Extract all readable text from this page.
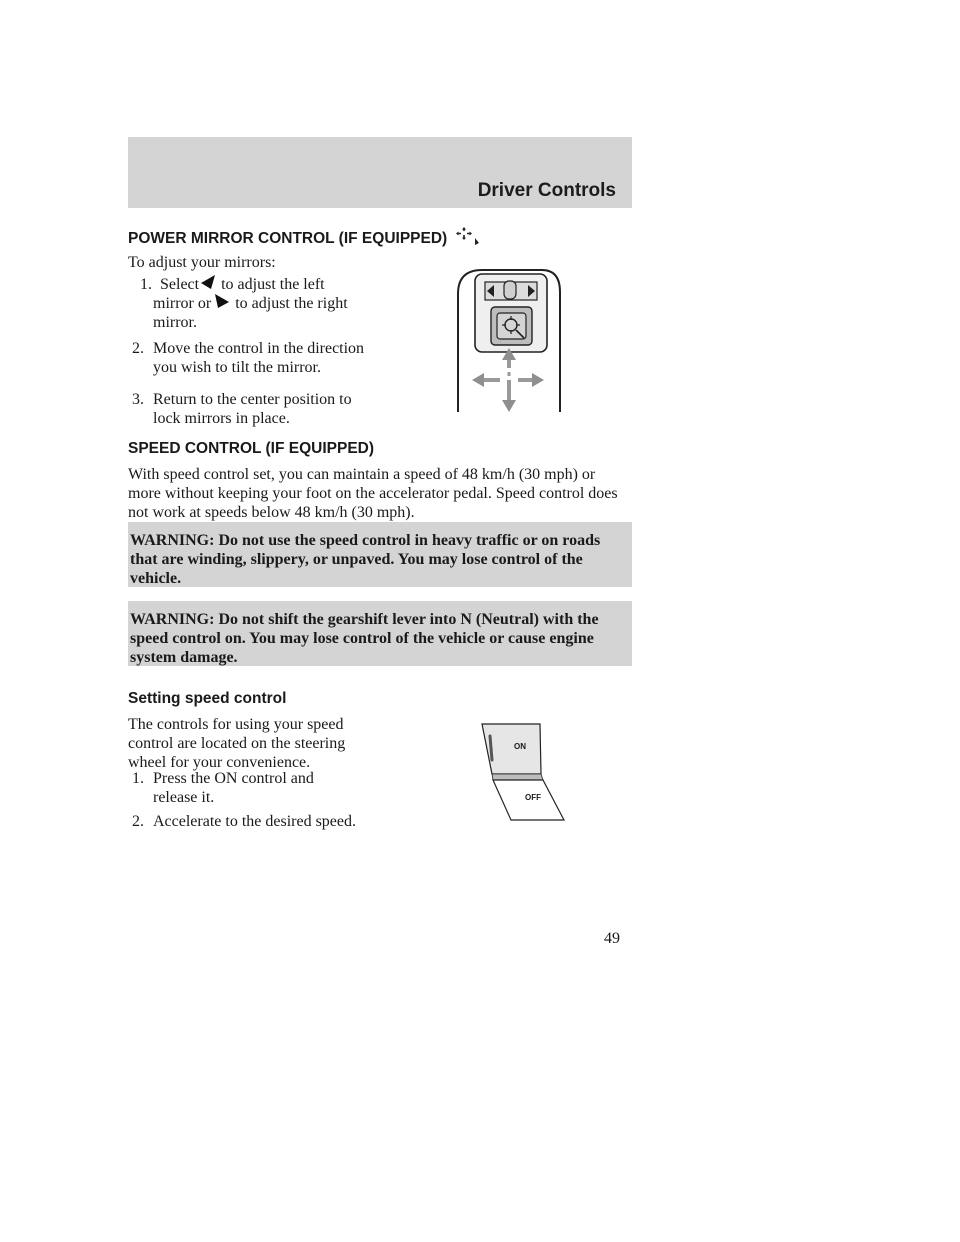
Driver Controls
POWER MIRROR CONTROL (IF EQUIPPED)

To adjust your mirrors:

1. Select to adjust the left
mirror or to adjust the right
mirror.
2. Move the control in the direction you wish to tilt the mirror.
3. Return to the center position to lock mirrors in place.
SPEED CONTROL (IF EQUIPPED)

With speed control set, you can maintain a speed of 48 km/h (30 mph) or more without keeping your foot on the accelerator pedal. Speed control does not work at speeds below 48 km/h (30 mph).

WARNING: Do not use the speed control in heavy traffic or on roads that are winding, slippery, or unpaved. You may lose control of the vehicle.
WARNING: Do not shift the gearshift lever into N (Neutral) with the speed control on. You may lose control of the vehicle or cause engine system damage.
Setting speed control

The controls for using your speed control are located on the steering wheel for your convenience.

1. Press the ON control and release it.
2. Accelerate to the desired speed.
ON
OFF
49
